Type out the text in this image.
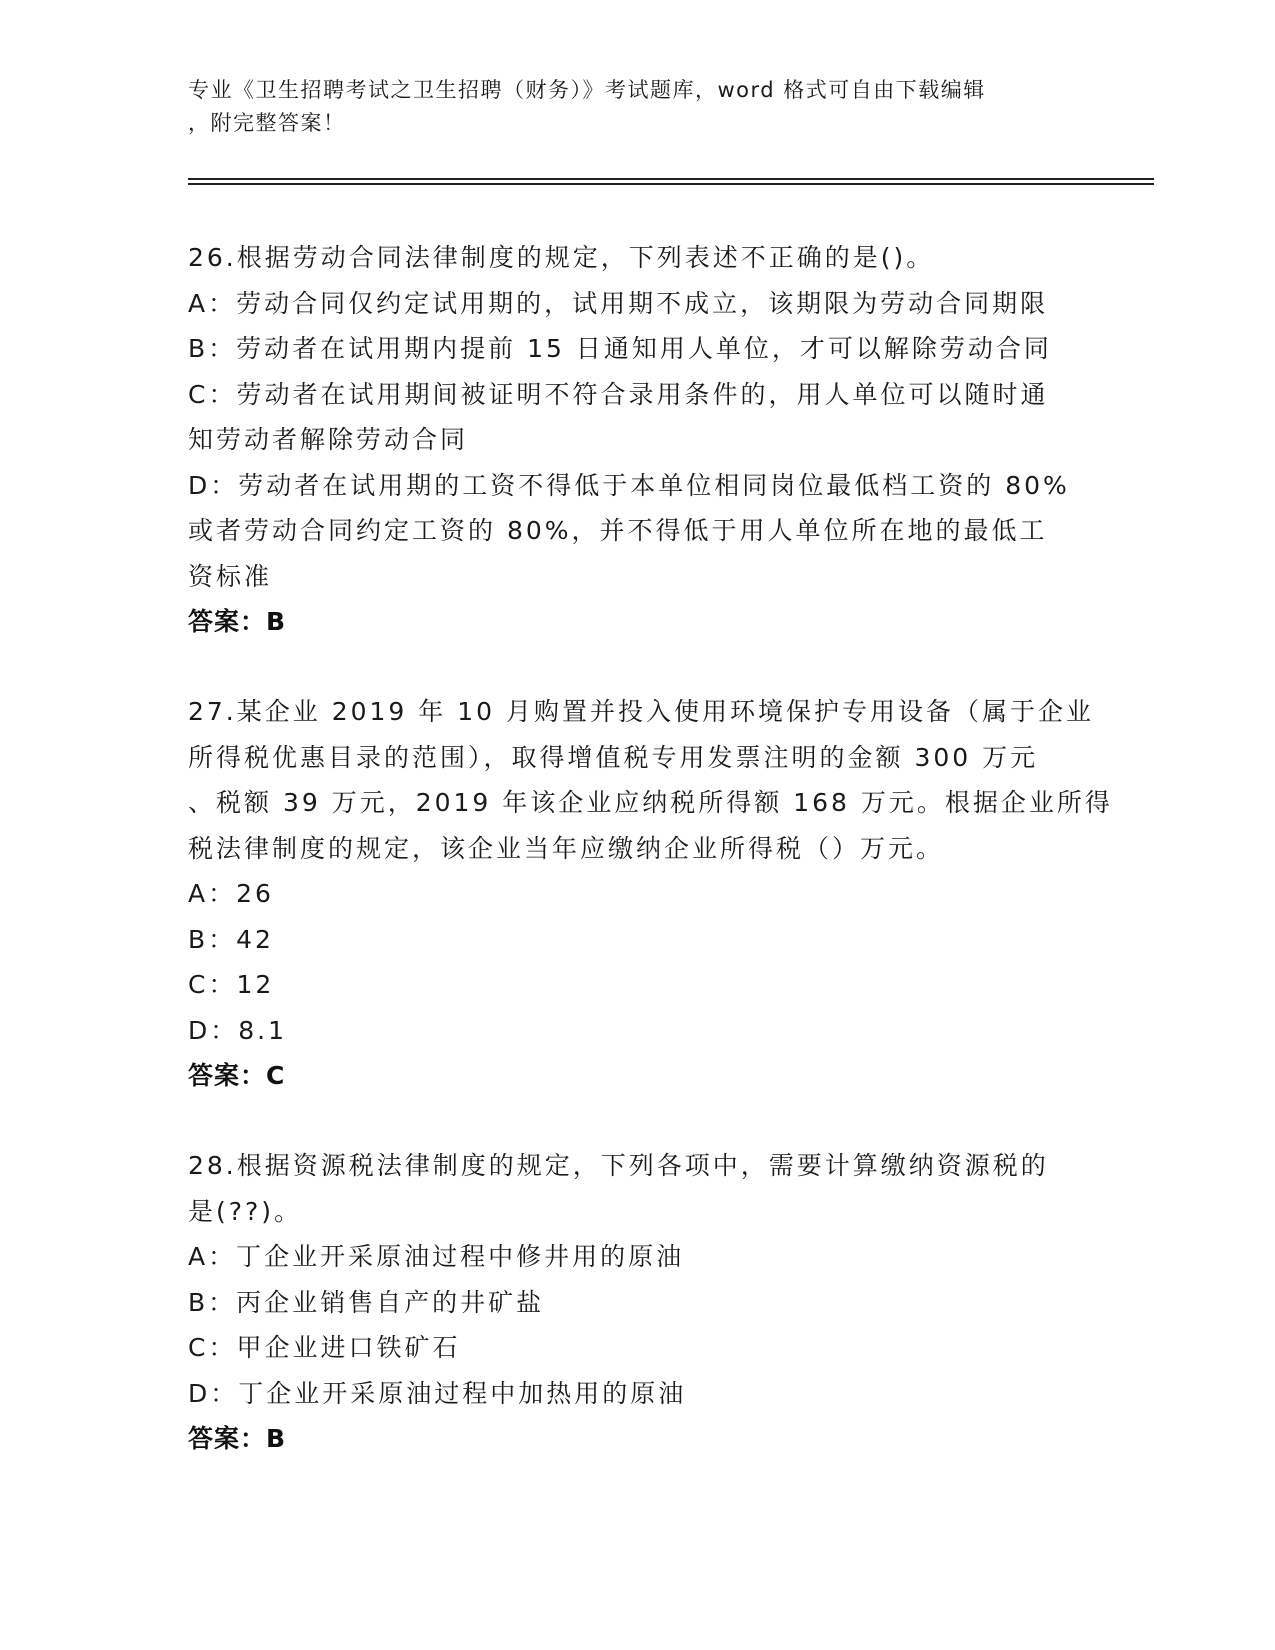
专业《卫生招聘考试之卫生招聘（财务）》考试题库，word 格式可自由下载编辑
，附完整答案！
26.根据劳动合同法律制度的规定，下列表述不正确的是()。
A：劳动合同仅约定试用期的，试用期不成立，该期限为劳动合同期限
B：劳动者在试用期内提前 15 日通知用人单位，才可以解除劳动合同
C：劳动者在试用期间被证明不符合录用条件的，用人单位可以随时通
知劳动者解除劳动合同
D：劳动者在试用期的工资不得低于本单位相同岗位最低档工资的 80%
或者劳动合同约定工资的 80%，并不得低于用人单位所在地的最低工
资标准
答案：B
27.某企业 2019 年 10 月购置并投入使用环境保护专用设备（属于企业
所得税优惠目录的范围），取得增值税专用发票注明的金额 300 万元
、税额 39 万元，2019 年该企业应纳税所得额 168 万元。根据企业所得
税法律制度的规定，该企业当年应缴纳企业所得税（）万元。
A：26
B：42
C：12
D：8.1
答案：C
28.根据资源税法律制度的规定，下列各项中，需要计算缴纳资源税的
是(??)。
A：丁企业开采原油过程中修井用的原油
B：丙企业销售自产的井矿盐
C：甲企业进口铁矿石
D：丁企业开采原油过程中加热用的原油
答案：B
